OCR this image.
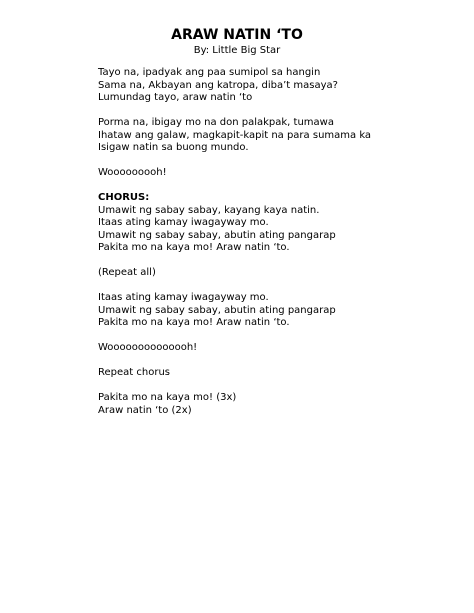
ARAW NATIN ‘TO
By: Little Big Star
Tayo na, ipadyak ang paa sumipol sa hangin
Sama na, Akbayan ang katropa, diba’t masaya?
Lumundag tayo, araw natin ‘to
Porma na, ibigay mo na don palakpak, tumawa
Ihataw ang galaw, magkapit-kapit na para sumama ka
Isigaw natin sa buong mundo.
Wooooooooh!
CHORUS:
Umawit ng sabay sabay, kayang kaya natin.
Itaas ating kamay iwagayway mo.
Umawit ng sabay sabay, abutin ating pangarap
Pakita mo na kaya mo! Araw natin ‘to.
(Repeat all)
Itaas ating kamay iwagayway mo.
Umawit ng sabay sabay, abutin ating pangarap
Pakita mo na kaya mo! Araw natin ‘to.
Woooooooooooooh!
Repeat chorus
Pakita mo na kaya mo! (3x)
Araw natin ‘to (2x)
